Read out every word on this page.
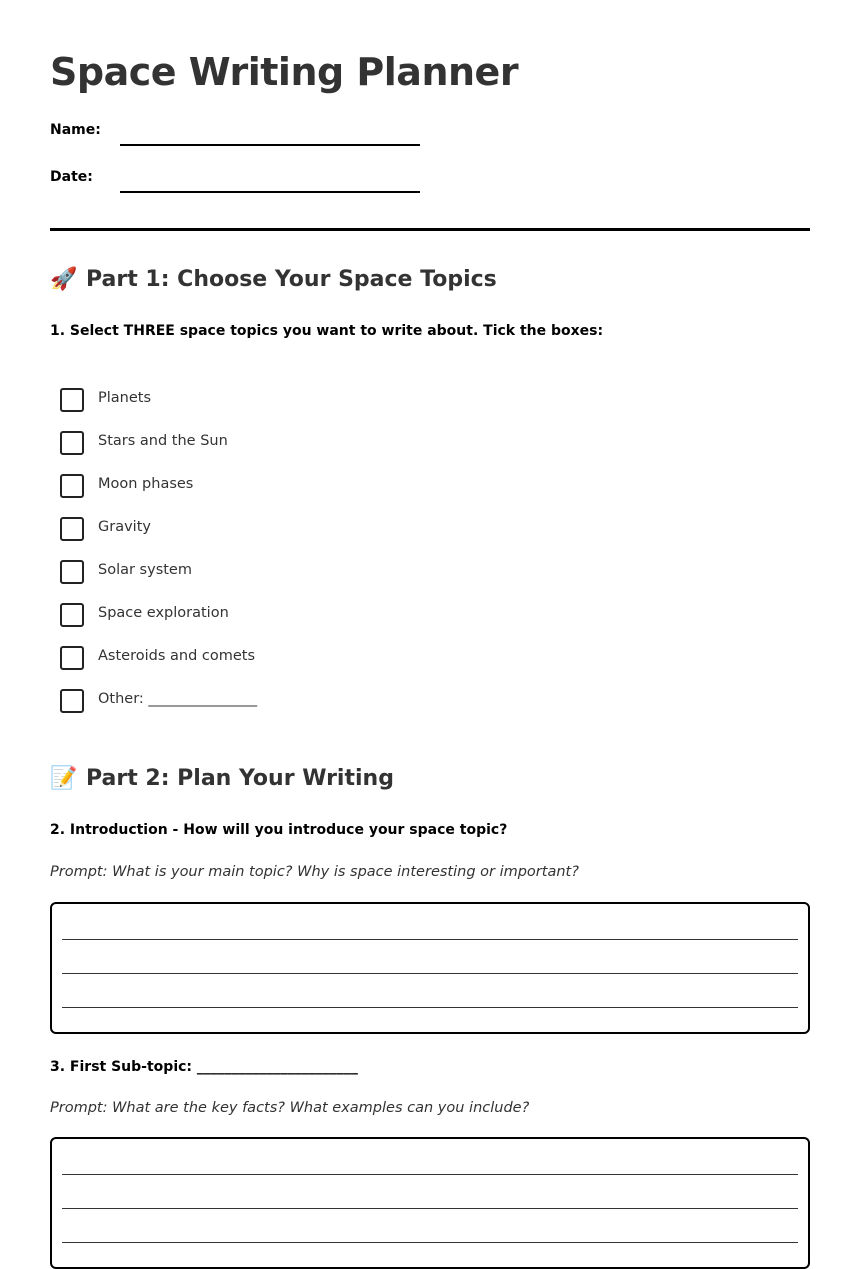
Space Writing Planner
Name:
Date:
🚀 Part 1: Choose Your Space Topics
1. Select THREE space topics you want to write about. Tick the boxes:
Planets
Stars and the Sun
Moon phases
Gravity
Solar system
Space exploration
Asteroids and comets
Other: _______________
📝 Part 2: Plan Your Writing
2. Introduction - How will you introduce your space topic?
Prompt: What is your main topic? Why is space interesting or important?
3. First Sub-topic: _______________________
Prompt: What are the key facts? What examples can you include?
